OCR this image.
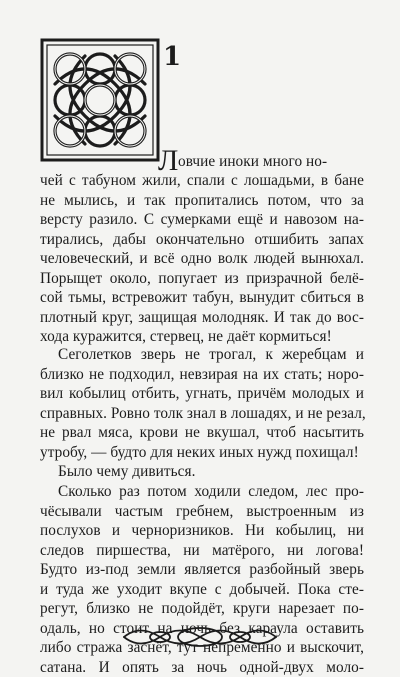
1
Л овчие иноки много но-
чей с табуном жили, спали с лошадьми, в бане
не мылись, и так пропитались потом, что за
версту разило. С сумерками ещё и навозом на-
тирались, дабы окончательно отшибить запах
человеческий, и всё одно волк людей вынюхал.
Порыщет около, попугает из призрачной белё-
сой тьмы, встревожит табун, вынудит сбиться в
плотный круг, защищая молодняк. И так до вос-
хода куражится, стервец, не даёт кормиться!
Сеголетков зверь не трогал, к жеребцам и
близко не подходил, невзирая на их стать; норо-
вил кобылиц отбить, угнать, причём молодых и
справных. Ровно толк знал в лошадях, и не резал,
не рвал мяса, крови не вкушал, чтоб насытить
утробу, — будто для неких иных нужд похищал!
Было чему дивиться.
Сколько раз потом ходили следом, лес про-
чёсывали частым гребнем, выстроенным из
послухов и черноризников. Ни кобылиц, ни
следов пиршества, ни матёрого, ни логова!
Будто из-под земли является разбойный зверь
и туда же уходит вкупе с добычей. Пока сте-
регут, близко не подойдёт, круги нарезает по-
одаль, но стоит на ночь без караула оставить
либо стража заснёт, тут непременно и выскочит,
сатана. И опять за ночь одной-двух моло-
